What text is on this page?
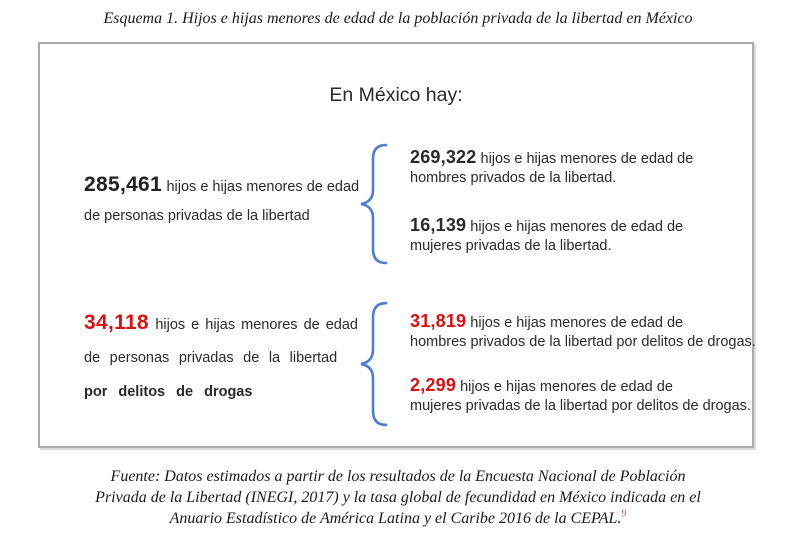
Esquema 1. Hijos e hijas menores de edad de la población privada de la libertad en México
En México hay:
285,461 hijos e hijas menores de edad
de personas privadas de la libertad
269,322 hijos e hijas menores de edad de
hombres privados de la libertad.
16,139 hijos e hijas menores de edad de
mujeres privadas de la libertad.
34,118 hijos e hijas menores de edad
de personas privadas de la libertad
por delitos de drogas
31,819 hijos e hijas menores de edad de
hombres privados de la libertad por delitos de drogas.
2,299 hijos e hijas menores de edad de
mujeres privadas de la libertad por delitos de drogas.
Fuente: Datos estimados a partir de los resultados de la Encuesta Nacional de Población
Privada de la Libertad (INEGI, 2017) y la tasa global de fecundidad en México indicada en el
Anuario Estadístico de América Latina y el Caribe 2016 de la CEPAL.$^9$
